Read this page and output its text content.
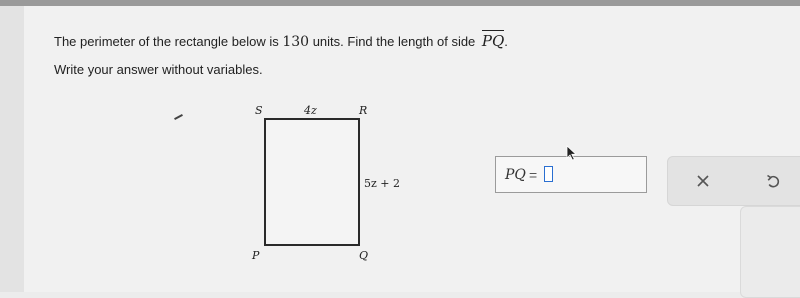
The perimeter of the rectangle below is 130 units. Find the length of side PQ.
Write your answer without variables.
S	R
P	Q
4z
5z + 2
PQ =
